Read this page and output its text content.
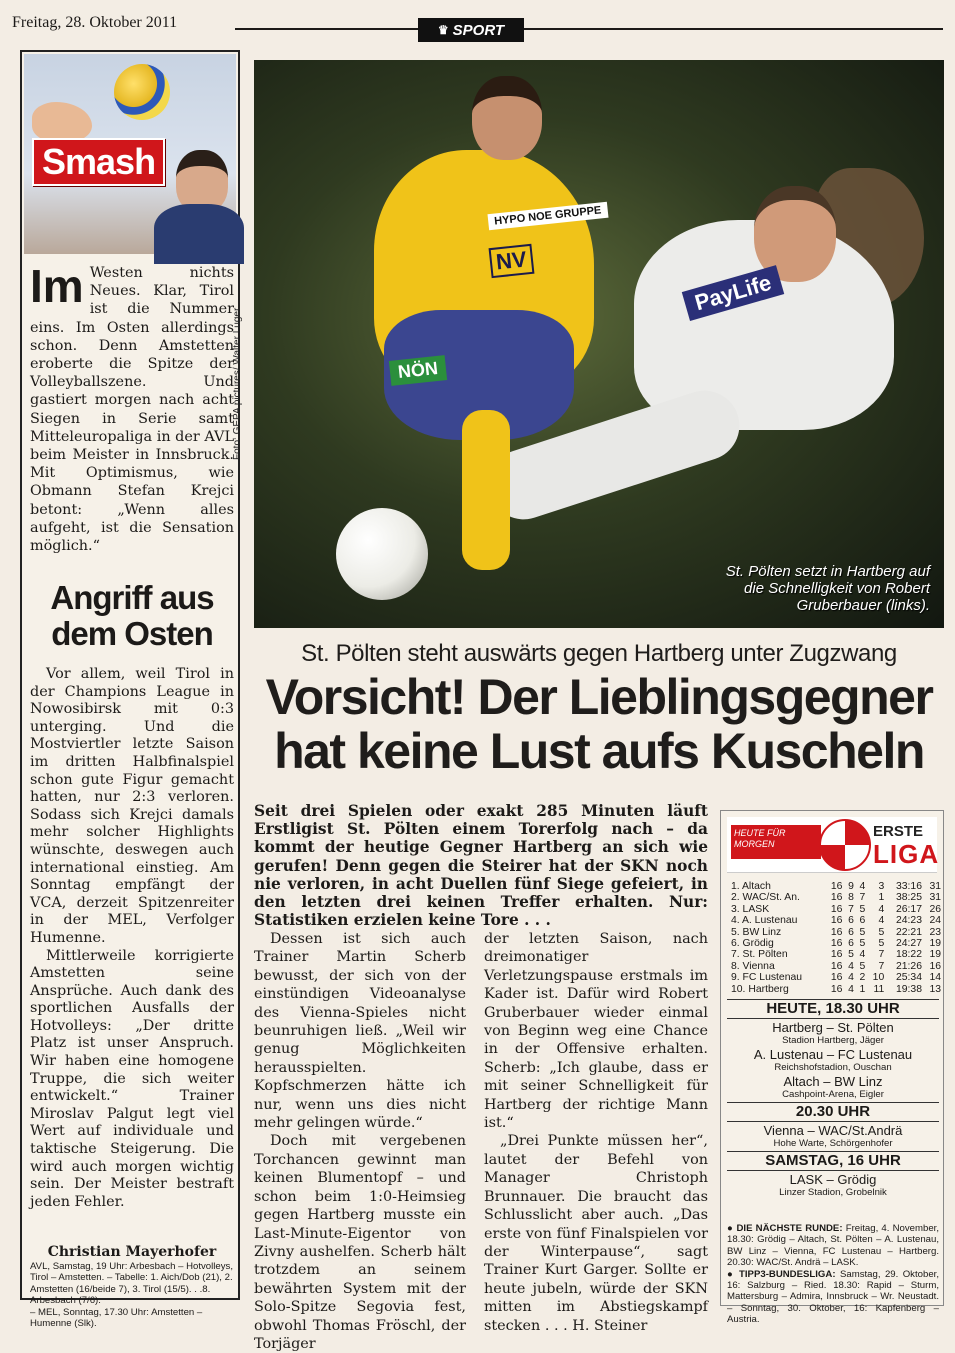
Freitag, 28. Oktober 2011	♛ SPORT
Smash
Im Westen nichts Neues. Klar, Tirol ist die Nummer eins. Im Osten allerdings schon. Denn Amstetten eroberte die Spitze der Volleyballszene. Und gastiert morgen nach acht Siegen in Serie samt Mitteleuropaliga in der AVL beim Meister in Innsbruck. Mit Optimismus, wie Obmann Stefan Krejci betont: „Wenn alles aufgeht, ist die Sensation möglich.“
Angriff aus dem Osten

Vor allem, weil Tirol in der Champions League in Nowosibirsk mit 0:3 unterging. Und die Mostviertler letzte Saison im dritten Halbfinalspiel schon gute Figur gemacht hatten, nur 2:3 verloren. Sodass sich Krejci damals mehr solcher Highlights wünschte, deswegen auch international einstieg. Am Sonntag empfängt der VCA, derzeit Spitzenreiter in der MEL, Verfolger Humenne.

Mittlerweile korrigierte Amstetten seine Ansprüche. Auch dank des sportlichen Ausfalls der Hotvolleys: „Der dritte Platz ist unser Anspruch. Wir haben eine homogene Truppe, die sich weiter entwickelt.“ Trainer Miroslav Palgut legt viel Wert auf individuale und taktische Steigerung. Die wird auch morgen wichtig sein. Der Meister bestraft jeden Fehler.

Christian Mayerhofer
AVL, Samstag, 19 Uhr: Arbesbach – Hotvolleys, Tirol – Amstetten. – Tabelle: 1. Aich/Dob (21), 2. Amstetten (16/beide 7), 3. Tirol (15/5). . .8. Arbesbach (7/6).
– MEL, Sonntag, 17.30 Uhr: Amstetten – Humenne (Slk).
Foto: GEPA pictures/ Walter Luger
HYPO NOE GRUPPE
NV
NÖN
PayLife
St. Pölten setzt in Hartberg auf die Schnelligkeit von Robert Gruberbauer (links).
St. Pölten steht auswärts gegen Hartberg unter Zugzwang
Vorsicht! Der Lieblingsgegner
hat keine Lust aufs Kuscheln
Seit drei Spielen oder exakt 285 Minuten läuft Erstligist St. Pölten einem Torerfolg nach – da kommt der heutige Gegner Hartberg an sich wie gerufen! Denn gegen die Steirer hat der SKN noch nie verloren, in acht Duellen fünf Siege gefeiert, in den letzten drei keinen Treffer erhalten. Nur: Statistiken erzielen keine Tore . . .

Dessen ist sich auch Trainer Martin Scherb bewusst, der sich von der einstündigen Videoanalyse des Vienna-Spieles nicht beunruhigen ließ. „Weil wir genug Möglichkeiten herausspielten. Kopfschmerzen hätte ich nur, wenn uns dies nicht mehr gelingen würde.“

Doch mit vergebenen Torchancen gewinnt man keinen Blumentopf – und schon beim 1:0-Heimsieg gegen Hartberg musste ein Last-Minute-Eigentor von Zivny aushelfen. Scherb hält trotzdem an seinem bewährten System mit der Solo-Spitze Segovia fest, obwohl Thomas Fröschl, der Torjäger

der letzten Saison, nach dreimonatiger Verletzungspause erstmals im Kader ist. Dafür wird Robert Gruberbauer wieder einmal von Beginn weg eine Chance in der Offensive erhalten. Scherb: „Ich glaube, dass er mit seiner Schnelligkeit für Hartberg der richtige Mann ist.“

„Drei Punkte müssen her“, lautet der Befehl von Manager Christoph Brunnauer. Die braucht das Schlusslicht aber auch. „Das erste von fünf Finalspielen vor der Winterpause“, sagt Trainer Kurt Garger. Sollte er heute jubeln, würde der SKN mitten im Abstiegskampf stecken . . . H. Steiner

HEUTE FÜR MORGEN
ERSTE
LIGA
1. Altach	16	9	4	3	33:16	31
2. WAC/St. An.	16	8	7	1	38:25	31
3. LASK	16	7	5	4	26:17	26
4. A. Lustenau	16	6	6	4	24:23	24
5. BW Linz	16	6	5	5	22:21	23
6. Grödig	16	6	5	5	24:27	19
7. St. Pölten	16	5	4	7	18:22	19
8. Vienna	16	4	5	7	21:26	16
9. FC Lustenau	16	4	2	10	25:34	14
10. Hartberg	16	4	1	11	19:38	13
HEUTE, 18.30 UHR
Hartberg – St. Pölten
Stadion Hartberg, Jäger
A. Lustenau – FC Lustenau
Reichshofstadion, Ouschan
Altach – BW Linz
Cashpoint-Arena, Eigler
20.30 UHR
Vienna – WAC/St.Andrä
Hohe Warte, Schörgenhofer
SAMSTAG, 16 UHR
LASK – Grödig
Linzer Stadion, Grobelnik
● DIE NÄCHSTE RUNDE: Freitag, 4. November, 18.30: Grödig – Altach, St. Pölten – A. Lustenau, BW Linz – Vienna, FC Lustenau – Hartberg. 20.30: WAC/St. Andrä – LASK.
● TIPP3-BUNDESLIGA: Samstag, 29. Oktober, 16: Salzburg – Ried. 18.30: Rapid – Sturm, Mattersburg – Admira, Innsbruck – Wr. Neustadt. – Sonntag, 30. Oktober, 16: Kapfenberg – Austria.
